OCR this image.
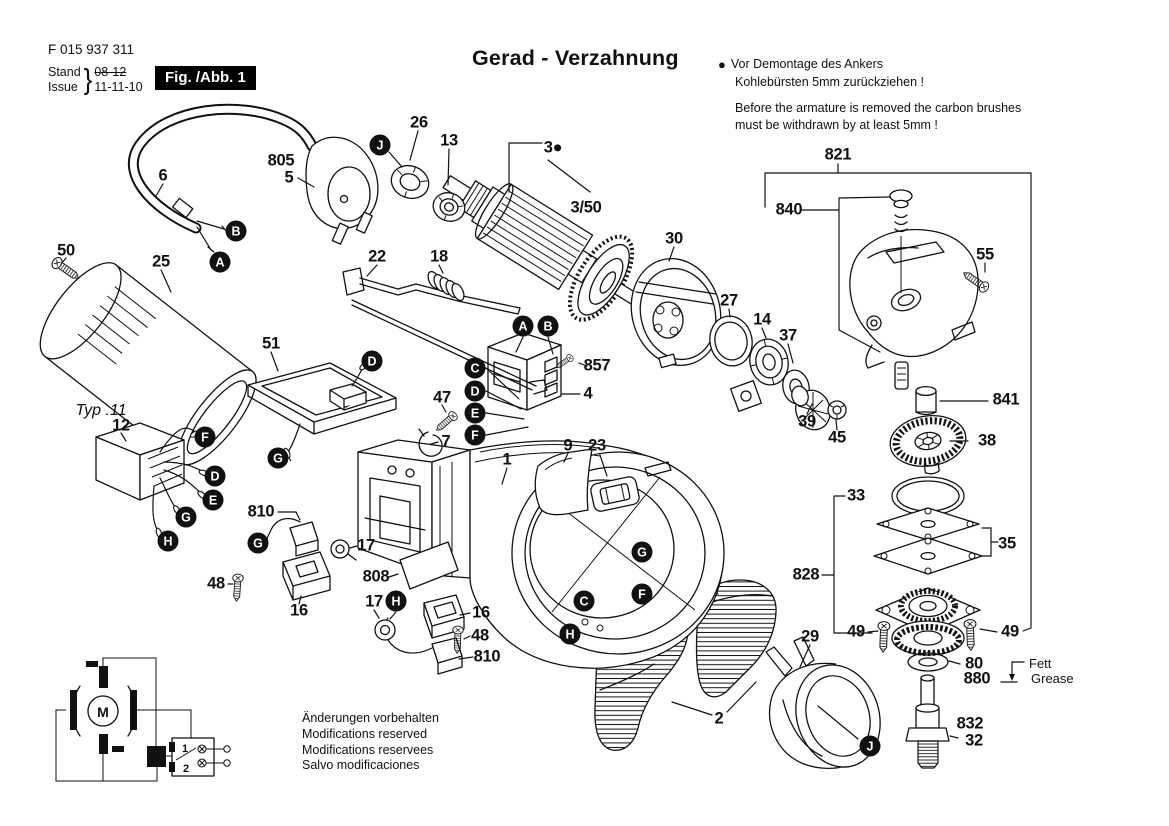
M
1
2
F 015 937 311
Stand
Issue } 08-12
11-11-10
Fig. /Abb. 1
Gerad - Verzahnung	● Vor Demontage des Ankers
Kohlebürsten 5mm zurückziehen !
Before the armature is removed the carbon brushes
must be withdrawn by at least 5mm !
Änderungen vorbehalten
Modifications reserved
Modifications reservees
Salvo modificaciones
Fett
Grease
26
13	3●
3/50
30
821
840
55
805
5
6
50
25	22	18
27
14
37
857
4
51
47
7
39
45
841
38
33
35
12
9 23
1
810
17
48
16
808
17
16
48
810
828
29 49	49
80
880
832
32
2
Typ .11
J
B
A
A	B
C
D
E
F
D
G
F
D
E
G
H	G
H
G
F
C
H
J
